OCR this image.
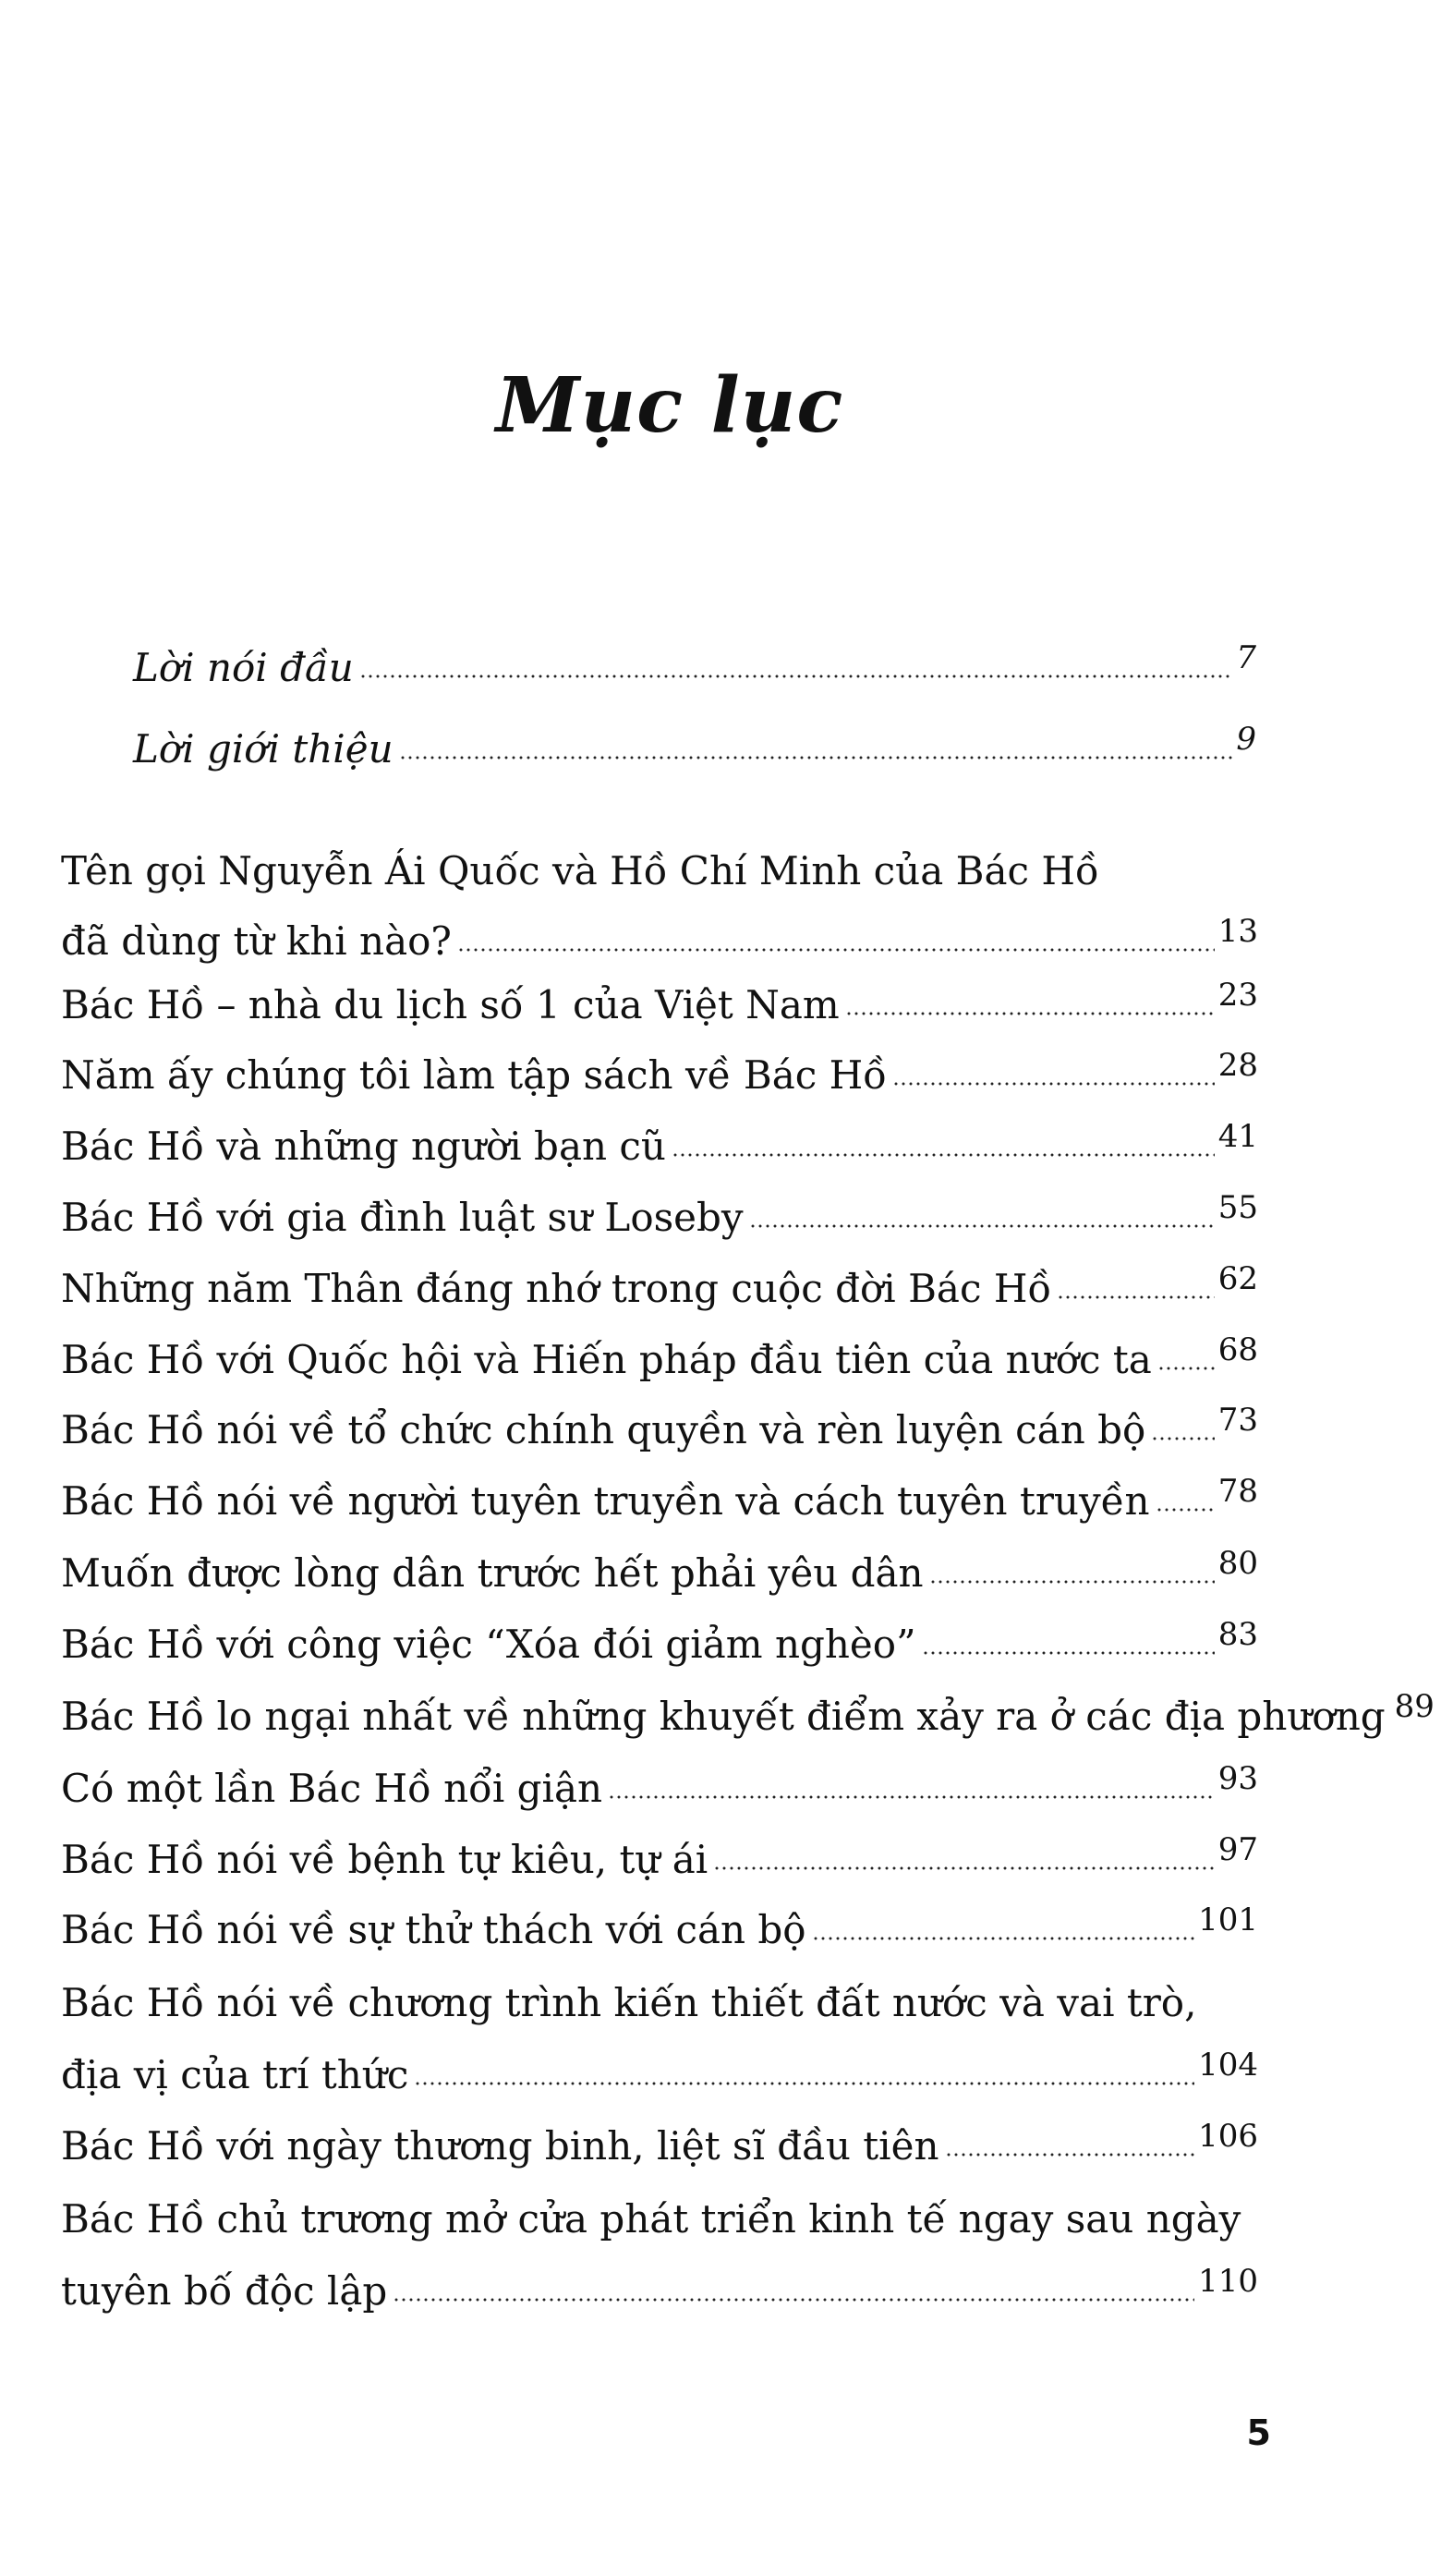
Mục lục
Lời nói đầu	7
Lời giới thiệu	9
Tên gọi Nguyễn Ái Quốc và Hồ Chí Minh của Bác Hồ
đã dùng từ khi nào?	13
Bác Hồ – nhà du lịch số 1 của Việt Nam	23
Năm ấy chúng tôi làm tập sách về Bác Hồ	28
Bác Hồ và những người bạn cũ	41
Bác Hồ với gia đình luật sư Loseby	55
Những năm Thân đáng nhớ trong cuộc đời Bác Hồ	62
Bác Hồ với Quốc hội và Hiến pháp đầu tiên của nước ta 68
Bác Hồ nói về tổ chức chính quyền và rèn luyện cán bộ 73
Bác Hồ nói về người tuyên truyền và cách tuyên truyền 78
Muốn được lòng dân trước hết phải yêu dân	80
Bác Hồ với công việc “Xóa đói giảm nghèo”	83
Bác Hồ lo ngại nhất về những khuyết điểm xảy ra ở các địa phương 89
Có một lần Bác Hồ nổi giận	93
Bác Hồ nói về bệnh tự kiêu, tự ái	97
Bác Hồ nói về sự thử thách với cán bộ	101
Bác Hồ nói về chương trình kiến thiết đất nước và vai trò,
địa vị của trí thức	104
Bác Hồ với ngày thương binh, liệt sĩ đầu tiên	106
Bác Hồ chủ trương mở cửa phát triển kinh tế ngay sau ngày
tuyên bố độc lập	110
5
